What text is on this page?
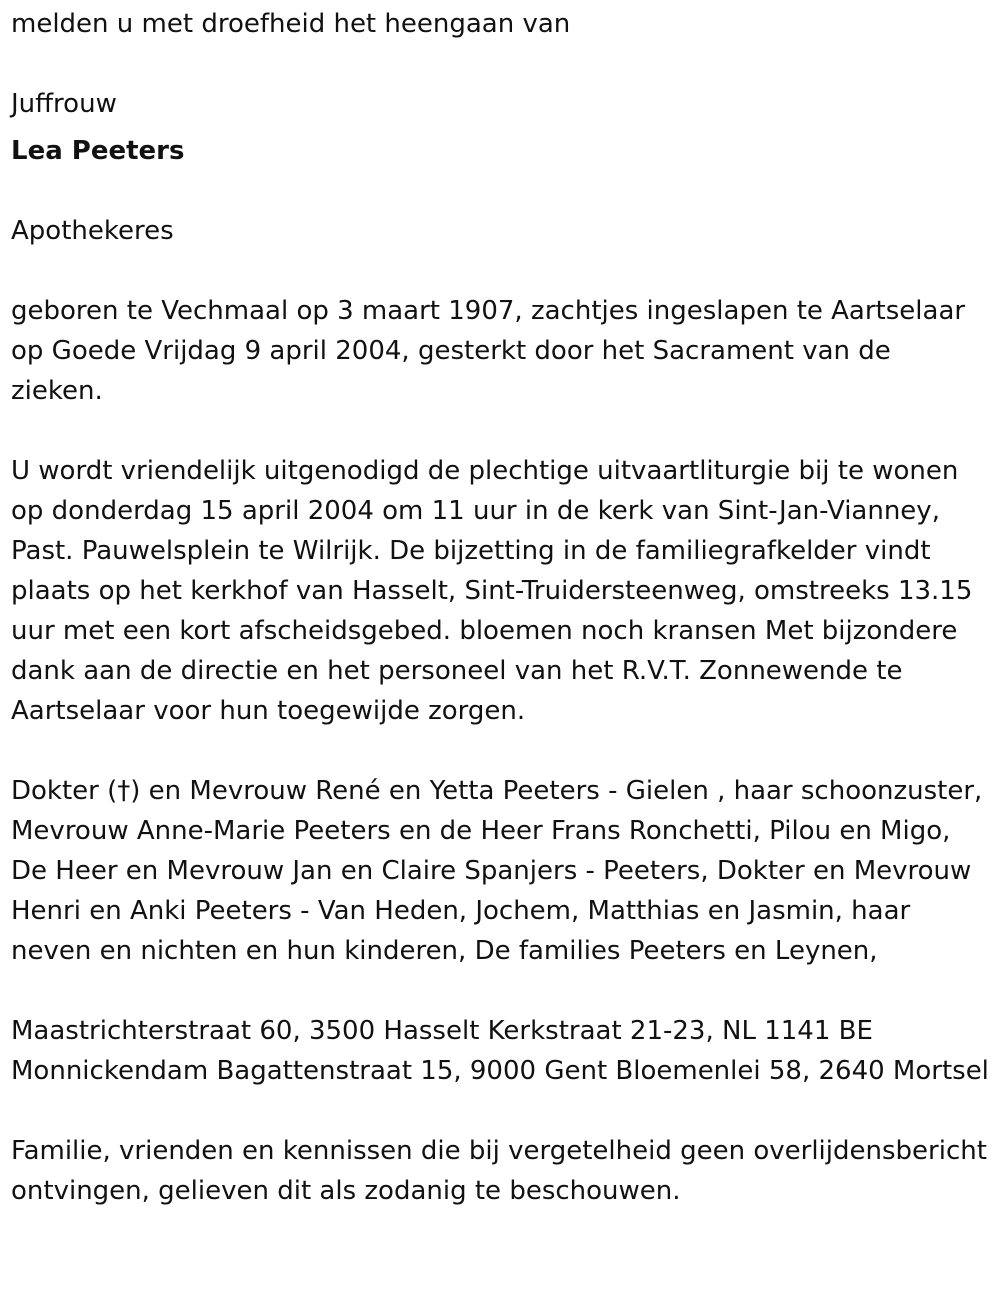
melden u met droefheid het heengaan van

Juffrouw

Lea Peeters

Apothekeres

geboren te Vechmaal op 3 maart 1907, zachtjes ingeslapen te Aartselaar op Goede Vrijdag 9 april 2004, gesterkt door het Sacrament van de zieken.

U wordt vriendelijk uitgenodigd de plechtige uitvaartliturgie bij te wonen op donderdag 15 april 2004 om 11 uur in de kerk van Sint-Jan-Vianney, Past. Pauwelsplein te Wilrijk. De bijzetting in de familiegrafkelder vindt plaats op het kerkhof van Hasselt, Sint-Truidersteenweg, omstreeks 13.15 uur met een kort afscheidsgebed. bloemen noch kransen Met bijzondere dank aan de directie en het personeel van het R.V.T. Zonnewende te Aartselaar voor hun toegewijde zorgen.

Dokter (†) en Mevrouw René en Yetta Peeters - Gielen , haar schoonzuster, Mevrouw Anne-Marie Peeters en de Heer Frans Ronchetti, Pilou en Migo, De Heer en Mevrouw Jan en Claire Spanjers - Peeters, Dokter en Mevrouw Henri en Anki Peeters - Van Heden, Jochem, Matthias en Jasmin, haar neven en nichten en hun kinderen, De families Peeters en Leynen,

Maastrichterstraat 60, 3500 Hasselt Kerkstraat 21-23, NL 1141 BE Monnickendam Bagattenstraat 15, 9000 Gent Bloemenlei 58, 2640 Mortsel

Familie, vrienden en kennissen die bij vergetelheid geen overlijdensbericht ontvingen, gelieven dit als zodanig te beschouwen.
